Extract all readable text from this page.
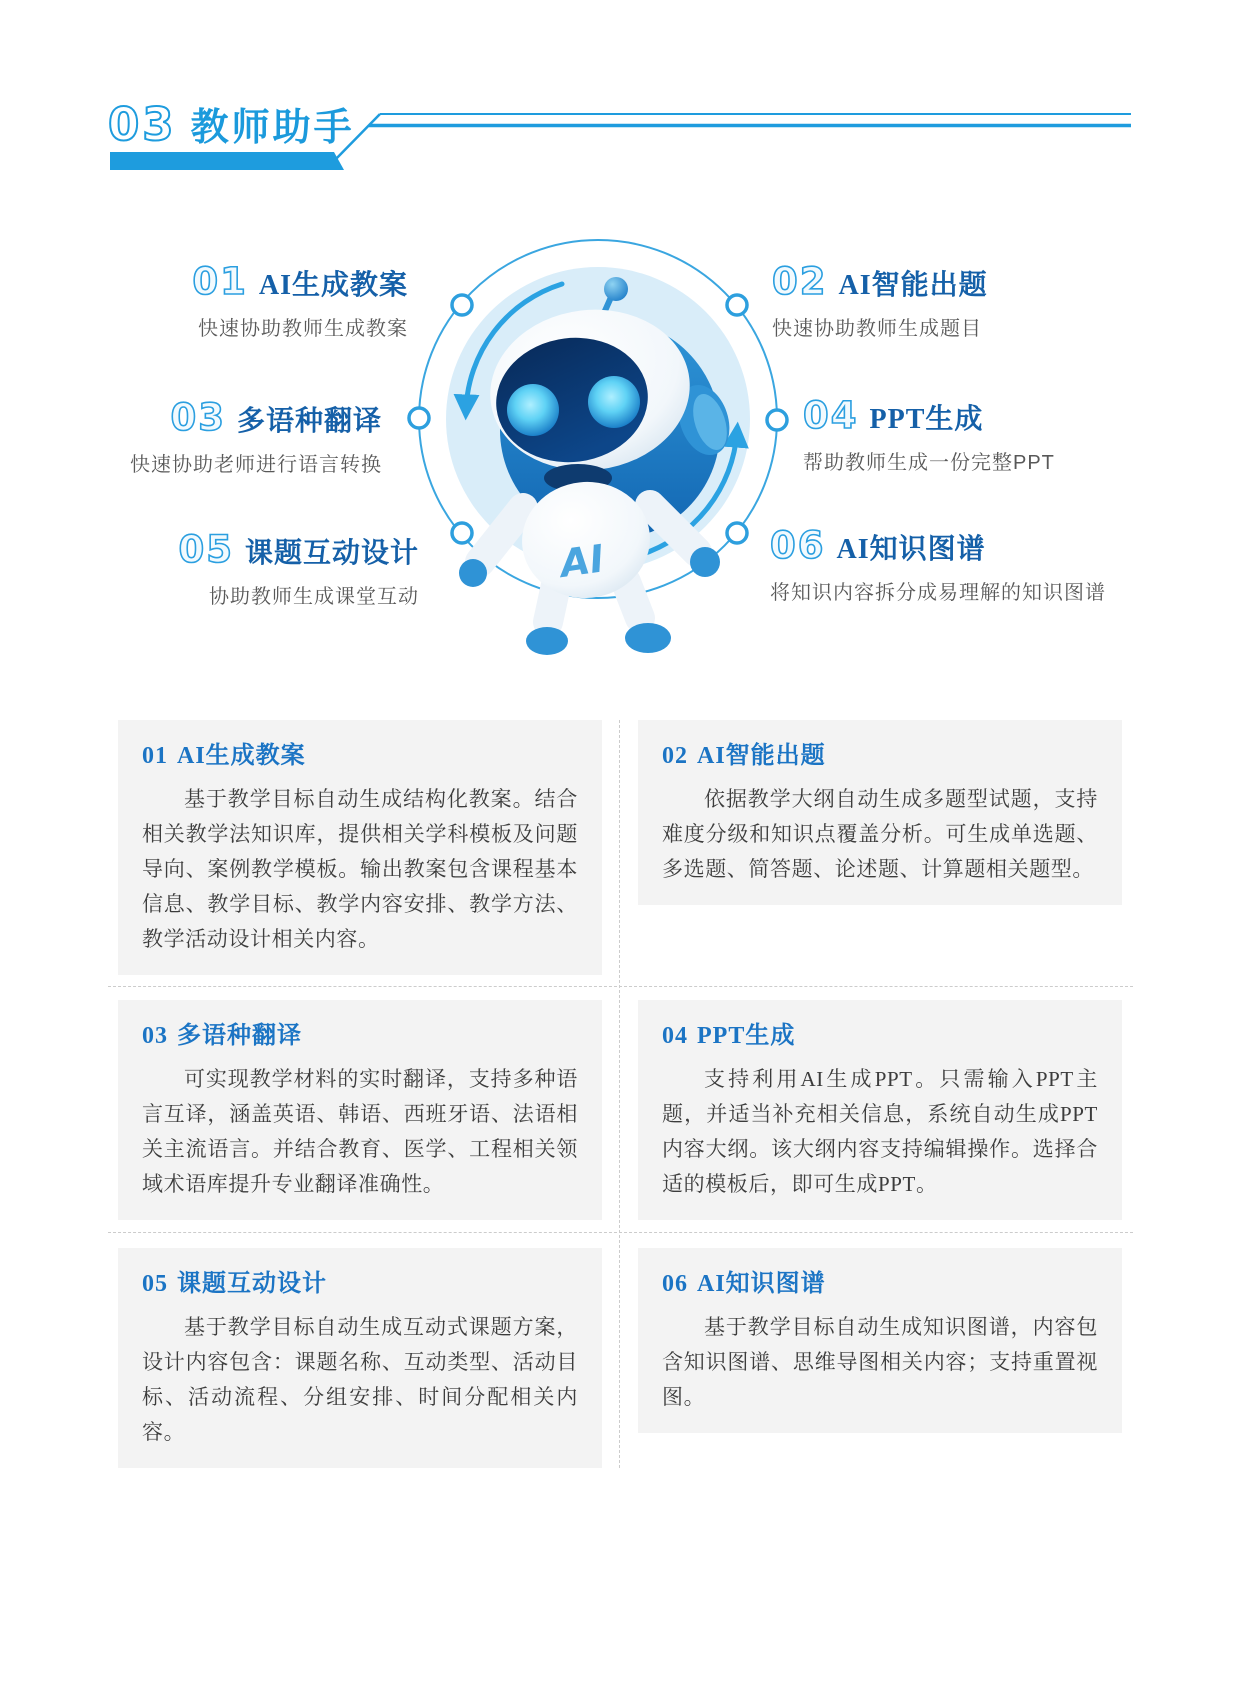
AI
03 教师助手
01 AI生成教案
快速协助教师生成教案
02 AI智能出题
快速协助教师生成题目
03 多语种翻译
快速协助老师进行语言转换
04 PPT生成
帮助教师生成一份完整PPT
05 课题互动设计
协助教师生成课堂互动
06 AI知识图谱
将知识内容拆分成易理解的知识图谱
01 AI生成教案

基于教学目标自动生成结构化教案。结合相关教学法知识库，提供相关学科模板及问题导向、案例教学模板。输出教案包含课程基本信息、教学目标、教学内容安排、教学方法、教学活动设计相关内容。

02 AI智能出题

依据教学大纲自动生成多题型试题，支持难度分级和知识点覆盖分析。可生成单选题、多选题、简答题、论述题、计算题相关题型。

03 多语种翻译

可实现教学材料的实时翻译，支持多种语言互译，涵盖英语、韩语、西班牙语、法语相关主流语言。并结合教育、医学、工程相关领域术语库提升专业翻译准确性。

04 PPT生成

支持利用AI生成PPT。只需输入PPT主题，并适当补充相关信息，系统自动生成PPT内容大纲。该大纲内容支持编辑操作。选择合适的模板后，即可生成PPT。

05 课题互动设计

基于教学目标自动生成互动式课题方案，设计内容包含：课题名称、互动类型、活动目标、活动流程、分组安排、时间分配相关内容。

06 AI知识图谱

基于教学目标自动生成知识图谱，内容包含知识图谱、思维导图相关内容；支持重置视图。
